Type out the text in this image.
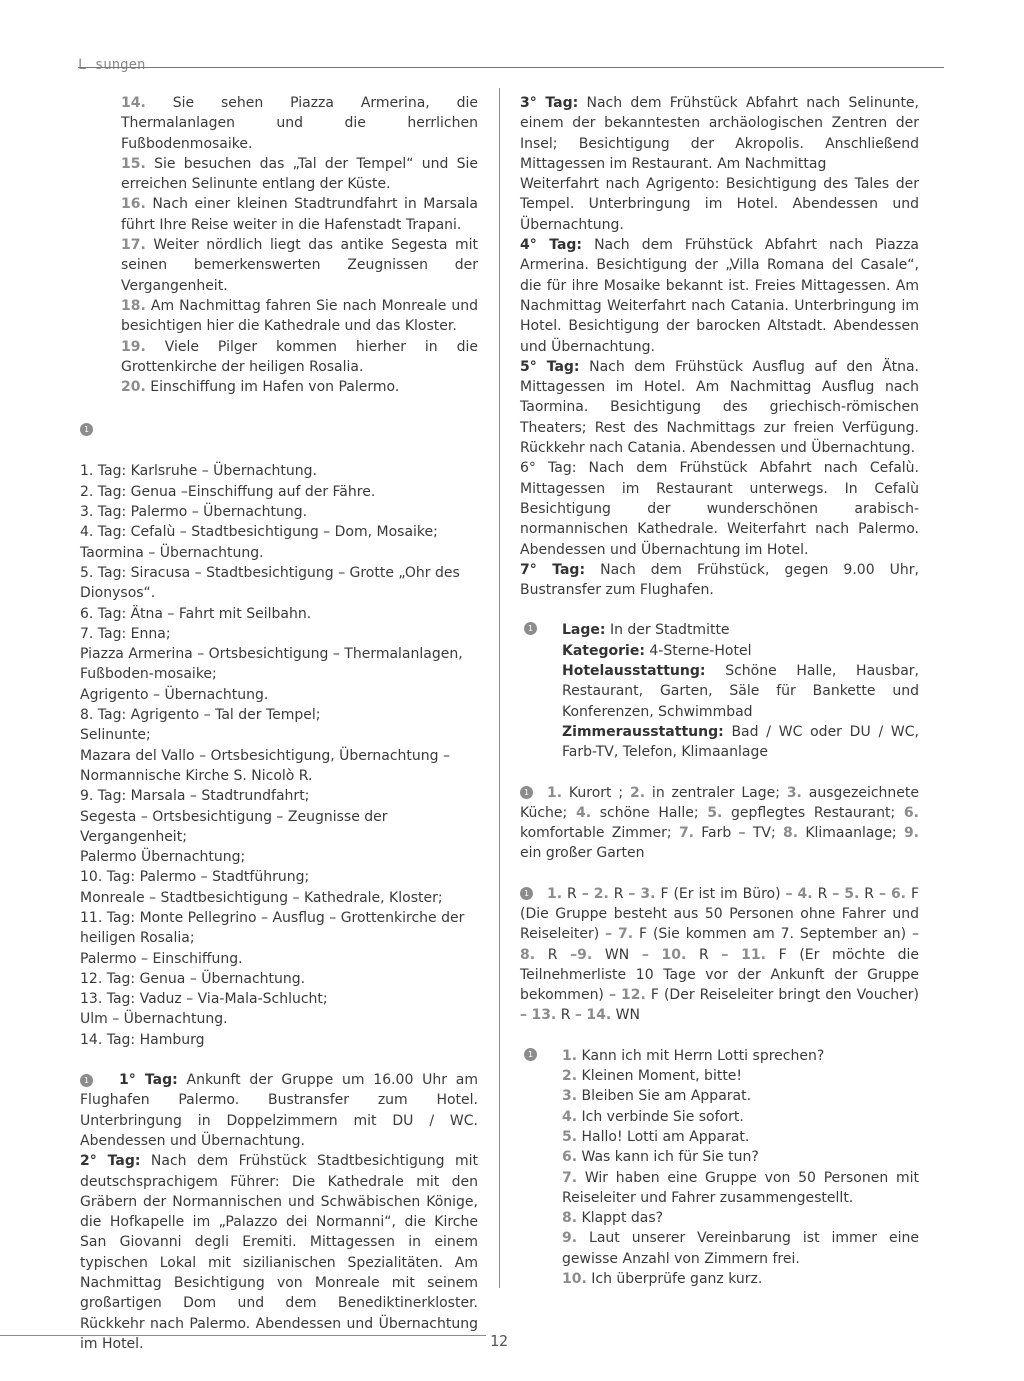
L sungen

14. Sie sehen Piazza Armerina, die Thermalanlagen und die herrlichen Fußbodenmosaike.

15. Sie besuchen das „Tal der Tempel“ und Sie erreichen Selinunte entlang der Küste.

16. Nach einer kleinen Stadtrundfahrt in Marsala führt Ihre Reise weiter in die Hafenstadt Trapani.

17. Weiter nördlich liegt das antike Segesta mit seinen bemerkenswerten Zeugnissen der Vergangenheit.

18. Am Nachmittag fahren Sie nach Monreale und besichtigen hier die Kathedrale und das Kloster.

19. Viele Pilger kommen hierher in die Grottenkirche der heiligen Rosalia.

20. Einschiffung im Hafen von Palermo.

1

1. Tag: Karlsruhe – Übernachtung.

2. Tag: Genua –Einschiffung auf der Fähre.

3. Tag: Palermo – Übernachtung.

4. Tag: Cefalù – Stadtbesichtigung – Dom, Mosaike; Taormina – Übernachtung.

5. Tag: Siracusa – Stadtbesichtigung – Grotte „Ohr des Dionysos“.

6. Tag: Ätna – Fahrt mit Seilbahn.

7. Tag: Enna;

Piazza Armerina – Ortsbesichtigung – Thermalanlagen, Fußboden-mosaike;

Agrigento – Übernachtung.

8. Tag: Agrigento – Tal der Tempel;

Selinunte;

Mazara del Vallo – Ortsbesichtigung, Übernachtung – Normannische Kirche S. Nicolò R.

9. Tag: Marsala – Stadtrundfahrt;

Segesta – Ortsbesichtigung – Zeugnisse der Vergangenheit;

Palermo Übernachtung;

10. Tag: Palermo – Stadtführung;

Monreale – Stadtbesichtigung – Kathedrale, Kloster;

11. Tag: Monte Pellegrino – Ausflug – Grottenkirche der heiligen Rosalia;

Palermo – Einschiffung.

12. Tag: Genua – Übernachtung.

13. Tag: Vaduz – Via-Mala-Schlucht;

Ulm – Übernachtung.

14. Tag: Hamburg

1 1° Tag: Ankunft der Gruppe um 16.00 Uhr am Flughafen Palermo. Bustransfer zum Hotel. Unterbringung in Doppelzimmern mit DU / WC. Abendessen und Übernachtung.

2° Tag: Nach dem Frühstück Stadtbesichtigung mit deutschsprachigem Führer: Die Kathedrale mit den Gräbern der Normannischen und Schwäbischen Könige, die Hofkapelle im „Palazzo dei Normanni“, die Kirche San Giovanni degli Eremiti. Mittagessen in einem typischen Lokal mit sizilianischen Spezialitäten. Am Nachmittag Besichtigung von Monreale mit seinem großartigen Dom und dem Benediktinerkloster. Rückkehr nach Palermo. Abendessen und Übernachtung im Hotel.

3° Tag: Nach dem Frühstück Abfahrt nach Selinunte, einem der bekanntesten archäologischen Zentren der Insel; Besichtigung der Akropolis. Anschließend Mittagessen im Restaurant. Am Nachmittag

Weiterfahrt nach Agrigento: Besichtigung des Tales der Tempel. Unterbringung im Hotel. Abendessen und Übernachtung.

4° Tag: Nach dem Frühstück Abfahrt nach Piazza Armerina. Besichtigung der „Villa Romana del Casale“, die für ihre Mosaike bekannt ist. Freies Mittagessen. Am Nachmittag Weiterfahrt nach Catania. Unterbringung im Hotel. Besichtigung der barocken Altstadt. Abendessen und Übernachtung.

5° Tag: Nach dem Frühstück Ausflug auf den Ätna. Mittagessen im Hotel. Am Nachmittag Ausflug nach Taormina. Besichtigung des griechisch-römischen Theaters; Rest des Nachmittags zur freien Verfügung. Rückkehr nach Catania. Abendessen und Übernachtung.

6° Tag: Nach dem Frühstück Abfahrt nach Cefalù. Mittagessen im Restaurant unterwegs. In Cefalù Besichtigung der wunderschönen arabisch-normannischen Kathedrale. Weiterfahrt nach Palermo. Abendessen und Übernachtung im Hotel.

7° Tag: Nach dem Frühstück, gegen 9.00 Uhr, Bustransfer zum Flughafen.

1 Lage: In der Stadtmitte

Kategorie: 4-Sterne-Hotel

Hotelausstattung: Schöne Halle, Hausbar, Restaurant, Garten, Säle für Bankette und Konferenzen, Schwimmbad

Zimmerausstattung: Bad / WC oder DU / WC, Farb-TV, Telefon, Klimaanlage

1 1. Kurort ; 2. in zentraler Lage; 3. ausgezeichnete Küche; 4. schöne Halle; 5. gepflegtes Restaurant; 6. komfortable Zimmer; 7. Farb – TV; 8. Klimaanlage; 9. ein großer Garten

1 1. R – 2. R – 3. F (Er ist im Büro) – 4. R – 5. R – 6. F (Die Gruppe besteht aus 50 Personen ohne Fahrer und Reiseleiter) – 7. F (Sie kommen am 7. September an) – 8. R –9. WN – 10. R – 11. F (Er möchte die Teilnehmerliste 10 Tage vor der Ankunft der Gruppe bekommen) – 12. F (Der Reiseleiter bringt den Voucher) – 13. R – 14. WN

1 1. Kann ich mit Herrn Lotti sprechen?

2. Kleinen Moment, bitte!

3. Bleiben Sie am Apparat.

4. Ich verbinde Sie sofort.

5. Hallo! Lotti am Apparat.

6. Was kann ich für Sie tun?

7. Wir haben eine Gruppe von 50 Personen mit Reiseleiter und Fahrer zusammengestellt.

8. Klappt das?

9. Laut unserer Vereinbarung ist immer eine gewisse Anzahl von Zimmern frei.

10. Ich überprüfe ganz kurz.

12
